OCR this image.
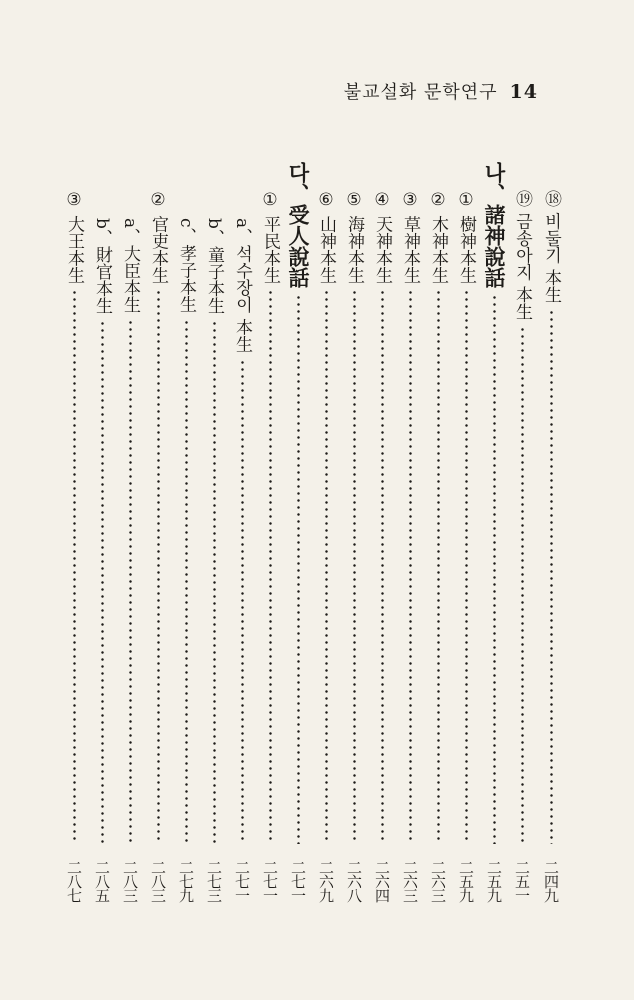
불교설화 문학연구 14
⑱ 비둘기 本生
二四九
⑲ 금송아지 本生
二五一
나、諸神說話
二五九
① 樹神本生
二五九
② 木神本生
二六三
③ 草神本生
二六三
④ 天神本生
二六四
⑤ 海神本生
二六八
⑥ 山神本生
二六九
다、受人說話
二七一
① 平民本生
二七一
a、석수장이 本生
二七一
b、童子本生
二七三
c、孝子本生
二七九
② 官吏本生
二八三
a、大臣本生
二八三
b、財官本生
二八五
③ 大王本生
二八七
